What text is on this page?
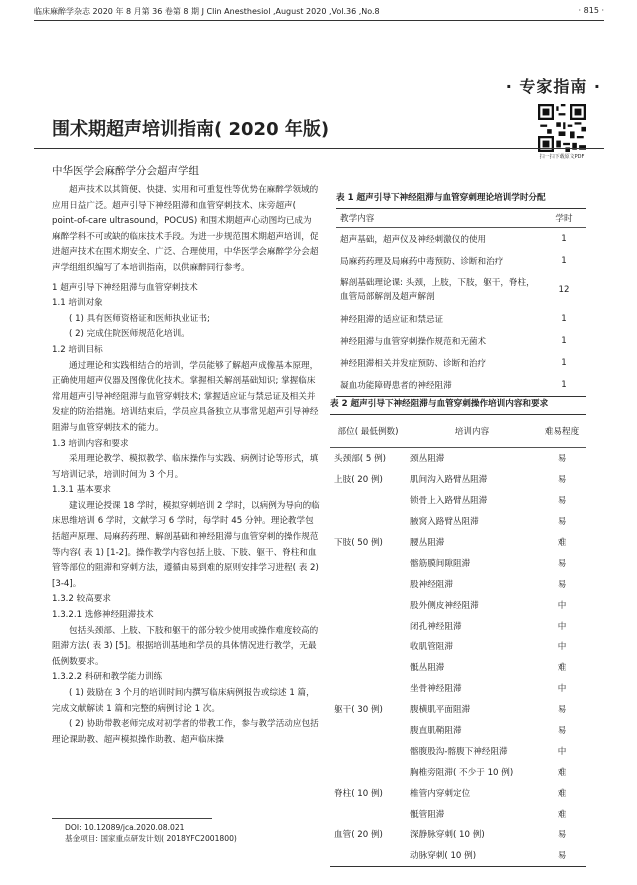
临床麻醉学杂志 2020 年 8 月第 36 卷第 8 期 J Clin Anesthesiol ,August 2020 ,Vol.36 ,No.8	· 815 ·
· 专家指南 ·
扫一扫下载原文PDF
围术期超声培训指南( 2020 年版)
中华医学会麻醉学分会超声学组

超声技术以其简便、快捷、实用和可重复性等优势在麻醉学领域的应用日益广泛。超声引导下神经阻滞和血管穿刺技术、床旁超声( point-of-care ultrasound，POCUS) 和围术期超声心动图均已成为麻醉学科不可或缺的临床技术手段。为进一步规范围术期超声培训，促进超声技术在围术期安全、广泛、合理使用，中华医学会麻醉学分会超声学组组织编写了本培训指南，以供麻醉同行参考。

1 超声引导下神经阻滞与血管穿刺技术

1.1 培训对象

( 1) 具有医师资格证和医师执业证书;

( 2) 完成住院医师规范化培训。

1.2 培训目标

通过理论和实践相结合的培训，学员能够了解超声成像基本原理，正确使用超声仪器及图像优化技术。掌握相关解剖基础知识; 掌握临床常用超声引导神经阻滞与血管穿刺技术; 掌握适应证与禁忌证及相关并发症的防治措施。培训结束后，学员应具备独立从事常见超声引导神经阻滞与血管穿刺技术的能力。

1.3 培训内容和要求

采用理论教学、模拟教学、临床操作与实践、病例讨论等形式，填写培训记录，培训时间为 3 个月。

1.3.1 基本要求

建议理论授课 18 学时，模拟穿刺培训 2 学时，以病例为导向的临床思维培训 6 学时，文献学习 6 学时，每学时 45 分钟。理论教学包括超声原理、局麻药药理、解剖基础和神经阻滞与血管穿刺的操作规范等内容( 表 1) [1-2]。操作教学内容包括上肢、下肢、躯干、脊柱和血管等部位的阻滞和穿刺方法，遵循由易到难的原则安排学习进程( 表 2) [3-4]。

1.3.2 较高要求

1.3.2.1 选修神经阻滞技术

包括头颈部、上肢、下肢和躯干的部分较少使用或操作难度较高的阻滞方法( 表 3) [5]。根据培训基地和学员的具体情况进行教学，无最低例数要求。

1.3.2.2 科研和教学能力训练

( 1) 鼓励在 3 个月的培训时间内撰写临床病例报告或综述 1 篇，完成文献解读 1 篇和完整的病例讨论 1 次。

( 2) 协助带教老师完成对初学者的带教工作，参与教学活动应包括理论课助教、超声模拟操作助教、超声临床操

DOI: 10.12089/jca.2020.08.021
基金项目: 国家重点研发计划( 2018YFC2001800)
表 1 超声引导下神经阻滞与血管穿刺理论培训学时分配
教学内容	学时
超声基础，超声仪及神经刺激仪的使用	1
局麻药药理及局麻药中毒预防、诊断和治疗	1
解剖基础理论课: 头颈，上肢，下肢，躯干，脊柱，血管局部解剖及超声解剖	12
神经阻滞的适应证和禁忌证	1
神经阻滞与血管穿刺操作规范和无菌术	1
神经阻滞相关并发症预防、诊断和治疗	1
凝血功能障碍患者的神经阻滞	1
表 2 超声引导下神经阻滞与血管穿刺操作培训内容和要求
部位( 最低例数)	培训内容	难易程度
头颈部( 5 例)	颈丛阻滞	易
上肢( 20 例)	肌间沟入路臂丛阻滞	易
	锁骨上入路臂丛阻滞	易
	腋窝入路臂丛阻滞	易
下肢( 50 例)	腰丛阻滞	难
	髂筋膜间隙阻滞	易
	股神经阻滞	易
	股外侧皮神经阻滞	中
	闭孔神经阻滞	中
	收肌管阻滞	中
	骶丛阻滞	难
	坐骨神经阻滞	中
躯干( 30 例)	腹横肌平面阻滞	易
	腹直肌鞘阻滞	易
	髂腹股沟-髂腹下神经阻滞	中
	胸椎旁阻滞( 不少于 10 例)	难
脊柱( 10 例)	椎管内穿刺定位	难
	骶管阻滞	难
血管( 20 例)	深静脉穿刺( 10 例)	易
	动脉穿刺( 10 例)	易
